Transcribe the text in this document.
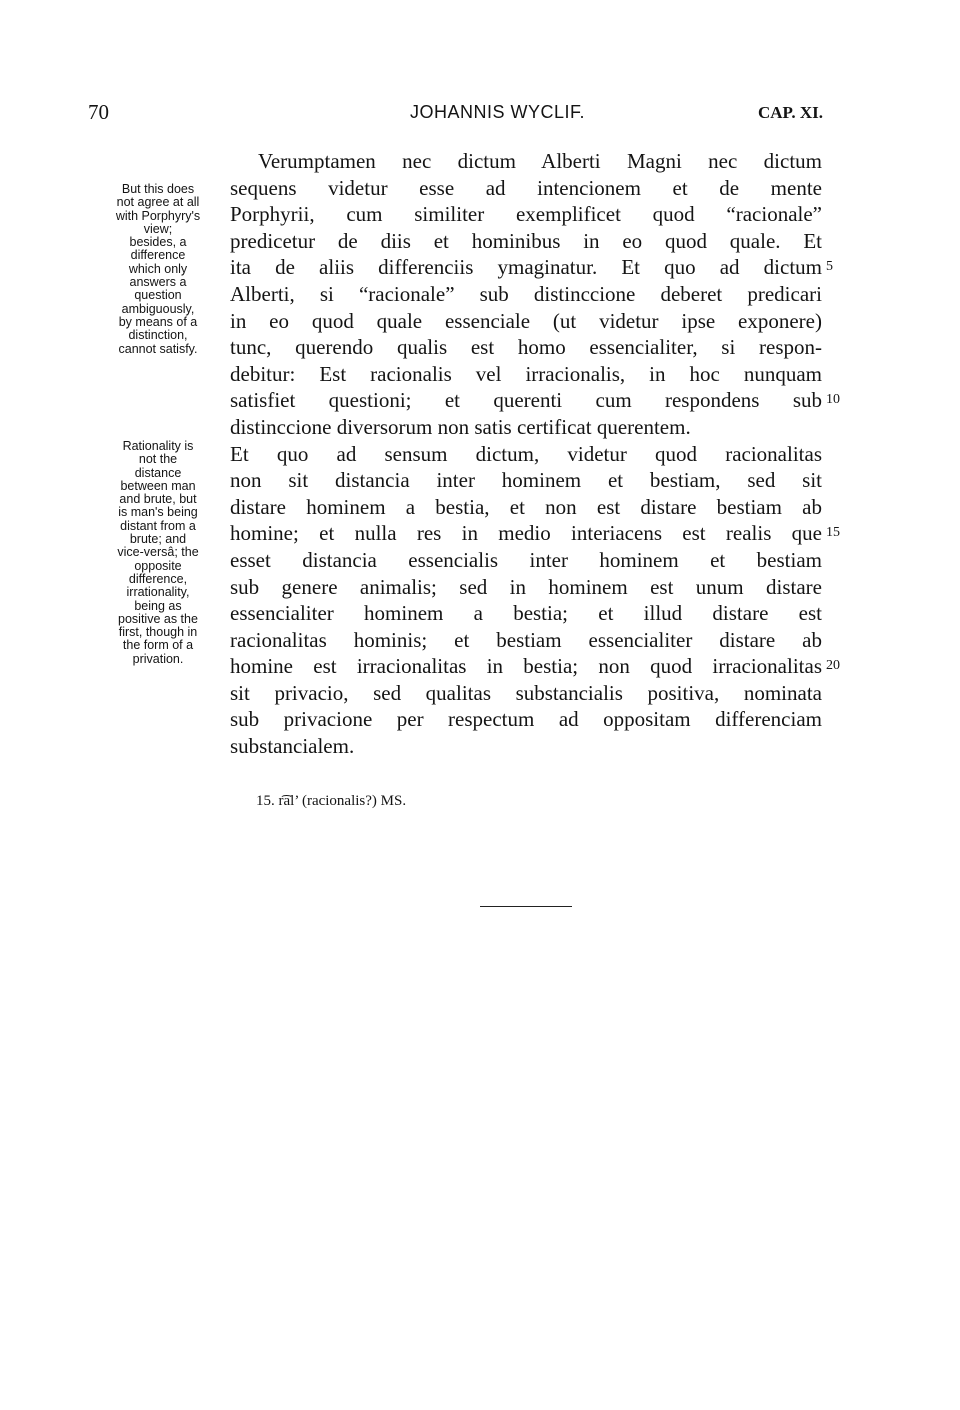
70	JOHANNIS WYCLIF.	CAP. XI.
Verumptamen nec dictum Alberti Magni nec dictum
sequens videtur esse ad intencionem et de mente
Porphyrii, cum similiter exemplificet quod “racionale”
predicetur de diis et hominibus in eo quod quale. Et
ita de aliis differenciis ymaginatur. Et quo ad dictum
Alberti, si “racionale” sub distinccione deberet predicari
in eo quod quale essenciale (ut videtur ipse exponere)
tunc, querendo qualis est homo essencialiter, si respon-
debitur: Est racionalis vel irracionalis, in hoc nunquam
satisfiet questioni; et querenti cum respondens sub
distinccione diversorum non satis certificat querentem.
Et quo ad sensum dictum, videtur quod racionalitas
non sit distancia inter hominem et bestiam, sed sit
distare hominem a bestia, et non est distare bestiam ab
homine; et nulla res in medio interiacens est realis que
esset distancia essencialis inter hominem et bestiam
sub genere animalis; sed in hominem est unum distare
essencialiter hominem a bestia; et illud distare est
racionalitas hominis; et bestiam essencialiter distare ab
homine est irracionalitas in bestia; non quod irracionalitas
sit privacio, sed qualitas substancialis positiva, nominata
sub privacione per respectum ad oppositam differenciam
substancialem.
5
10
15
20
But this does
not agree at all
with Porphyry's
view;
besides, a
difference
which only
answers a
question
ambiguously,
by means of a
distinction,
cannot satisfy.
Rationality is
not the
distance
between man
and brute, but
is man's being
distant from a
brute; and
vice-versâ; the
opposite
difference,
irrationality,
being as
positive as the
first, though in
the form of a
privation.
15. r͡al’ (racionalis?) MS.
